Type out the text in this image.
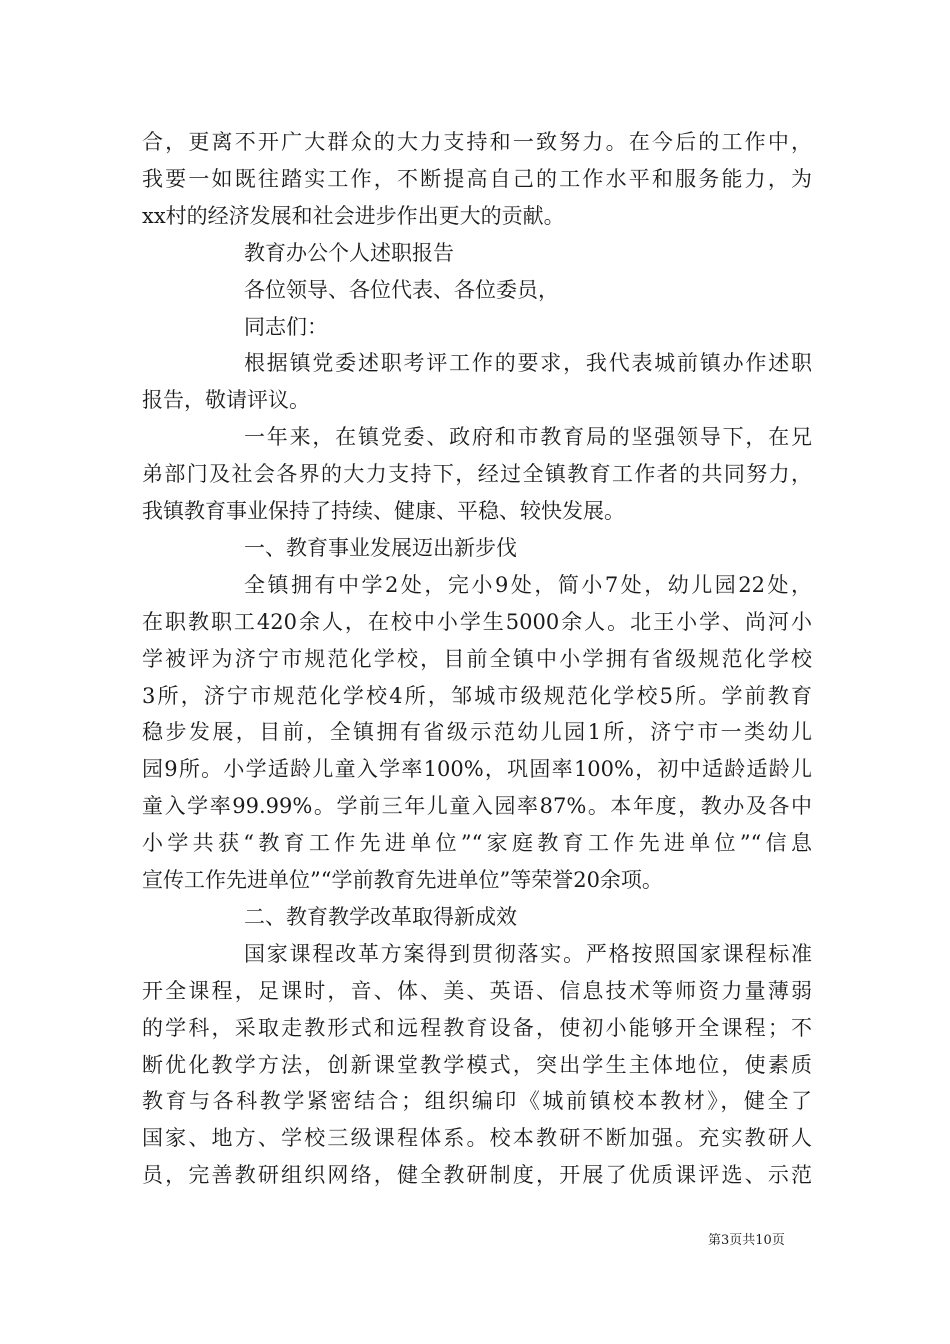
合，更离不开广大群众的大力支持和一致努力。在今后的工作中，
我要一如既往踏实工作，不断提高自己的工作水平和服务能力，为
xx村的经济发展和社会进步作出更大的贡献。
教育办公个人述职报告
各位领导、各位代表、各位委员，
同志们：
根据镇党委述职考评工作的要求，我代表城前镇办作述职
报告，敬请评议。
一年来，在镇党委、政府和市教育局的坚强领导下，在兄
弟部门及社会各界的大力支持下，经过全镇教育工作者的共同努力，
我镇教育事业保持了持续、健康、平稳、较快发展。
一、教育事业发展迈出新步伐
全镇拥有中学2处，完小9处，简小7处，幼儿园22处，
在职教职工420余人，在校中小学生5000余人。北王小学、尚河小
学被评为济宁市规范化学校，目前全镇中小学拥有省级规范化学校
3所，济宁市规范化学校4所，邹城市级规范化学校5所。学前教育
稳步发展，目前，全镇拥有省级示范幼儿园1所，济宁市一类幼儿
园9所。小学适龄儿童入学率100%，巩固率100%，初中适龄适龄儿
童入学率99.99%。学前三年儿童入园率87%。本年度，教办及各中
小学共获“教育工作先进单位”“家庭教育工作先进单位”“信息
宣传工作先进单位”“学前教育先进单位”等荣誉20余项。
二、教育教学改革取得新成效
国家课程改革方案得到贯彻落实。严格按照国家课程标准
开全课程，足课时，音、体、美、英语、信息技术等师资力量薄弱
的学科，采取走教形式和远程教育设备，使初小能够开全课程；不
断优化教学方法，创新课堂教学模式，突出学生主体地位，使素质
教育与各科教学紧密结合；组织编印《城前镇校本教材》，健全了
国家、地方、学校三级课程体系。校本教研不断加强。充实教研人
员，完善教研组织网络，健全教研制度，开展了优质课评选、示范
第3页共10页
